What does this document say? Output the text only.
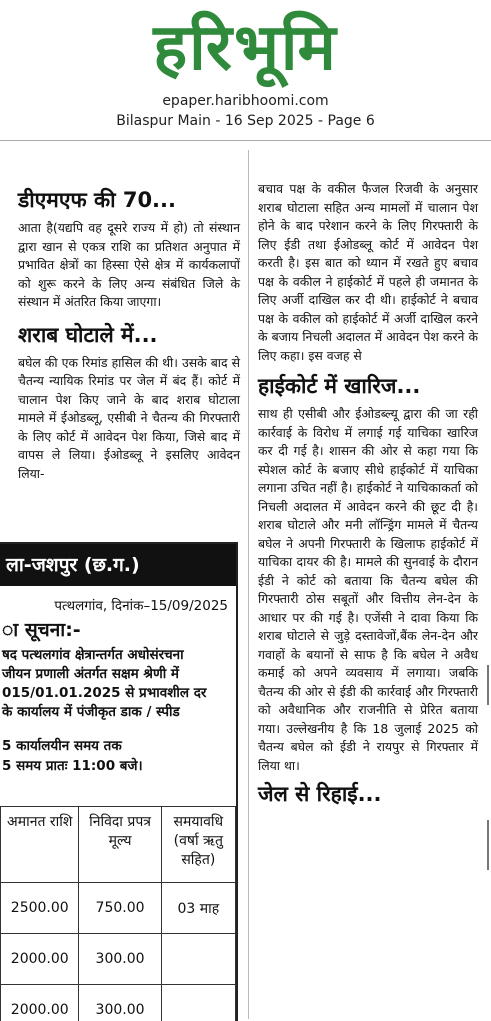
हरिभूमि
epaper.haribhoomi.com
Bilaspur Main - 16 Sep 2025 - Page 6
डीएमएफ की 70...

आता है(यद्यपि वह दूसरे राज्य में हो) तो संस्थान द्वारा खान से एकत्र राशि का प्रतिशत अनुपात में प्रभावित क्षेत्रों का हिस्सा ऐसे क्षेत्र में कार्यकलापों को शुरू करने के लिए अन्य संबंधित जिले के संस्थान में अंतरित किया जाएगा।

शराब घोटाले में...

बघेल की एक रिमांड हासिल की थी। उसके बाद से चैतन्य न्यायिक रिमांड पर जेल में बंद हैं। कोर्ट में चालान पेश किए जाने के बाद शराब घोटाला मामले में ईओडब्लू, एसीबी ने चैतन्य की गिरफ्तारी के लिए कोर्ट में आवेदन पेश किया, जिसे बाद में वापस ले लिया। ईओडब्लू ने इसलिए आवेदन लिया-

ला-जशपुर (छ.ग.)
पत्थलगांव, दिनांक–15/09/2025
ा सूचना:-
षद पत्थलगांव क्षेत्रान्तर्गत अधोसंरचना
जीयन प्रणाली अंतर्गत सक्षम श्रेणी में
015/01.01.2025 से प्रभावशील दर
के कार्यालय में पंजीकृत डाक / स्पीड
5 कार्यालयीन समय तक
5 समय प्रातः 11:00 बजे।
अमानत राशि	निविदा प्रपत्र मूल्य	समयावधि (वर्षा ऋतु सहित)
2500.00	750.00	03 माह
2000.00	300.00	
2000.00	300.00	

बचाव पक्ष के वकील फैजल रिजवी के अनुसार शराब घोटाला सहित अन्य मामलों में चालान पेश होने के बाद परेशान करने के लिए गिरफ्तारी के लिए ईडी तथा ईओडब्लू कोर्ट में आवेदन पेश करती है। इस बात को ध्यान में रखते हुए बचाव पक्ष के वकील ने हाईकोर्ट में पहले ही जमानत के लिए अर्जी दाखिल कर दी थी। हाईकोर्ट ने बचाव पक्ष के वकील को हाईकोर्ट में अर्जी दाखिल करने के बजाय निचली अदालत में आवेदन पेश करने के लिए कहा। इस वजह से

हाईकोर्ट में खारिज...

साथ ही एसीबी और ईओडब्ल्यू द्वारा की जा रही कार्रवाई के विरोध में लगाई गई याचिका खारिज कर दी गई है। शासन की ओर से कहा गया कि स्पेशल कोर्ट के बजाए सीधे हाईकोर्ट में याचिका लगाना उचित नहीं है। हाईकोर्ट ने याचिकाकर्ता को निचली अदालत में आवेदन करने की छूट दी है। शराब घोटाले और मनी लॉन्ड्रिंग मामले में चैतन्य बघेल ने अपनी गिरफ्तारी के खिलाफ हाईकोर्ट में याचिका दायर की है। मामले की सुनवाई के दौरान ईडी ने कोर्ट को बताया कि चैतन्य बघेल की गिरफ्तारी ठोस सबूतों और वित्तीय लेन-देन के आधार पर की गई है। एजेंसी ने दावा किया कि शराब घोटाले से जुड़े दस्तावेजों,बैंक लेन-देन और गवाहों के बयानों से साफ है कि बघेल ने अवैध कमाई को अपने व्यवसाय में लगाया। जबकि चैतन्य की ओर से ईडी की कार्रवाई और गिरफ्तारी को अवैधानिक और राजनीति से प्रेरित बताया गया। उल्लेखनीय है कि 18 जुलाई 2025 को चैतन्य बघेल को ईडी ने रायपुर से गिरफ्तार में लिया था।

जेल से रिहाई...
